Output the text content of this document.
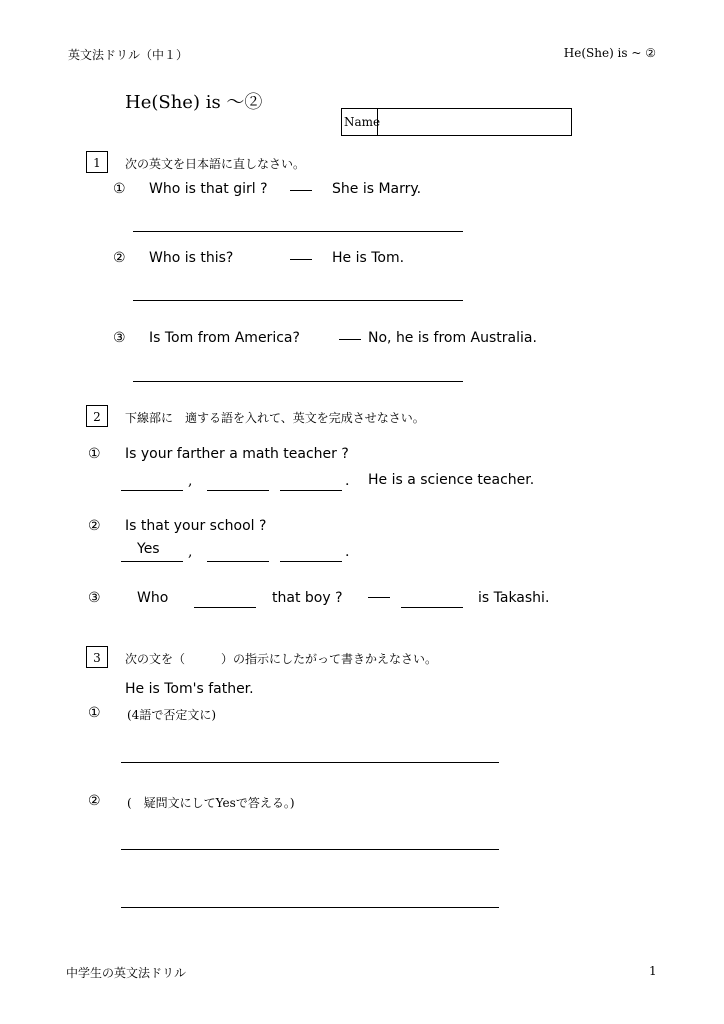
英文法ドリル（中１）	He(She) is ~ ②
He(She) is ～②
Name
1	次の英文を日本語に直しなさい。
① Who is that girl ?	She is Marry.
② Who is this?	He is Tom.
③ Is Tom from America?	No, he is from Australia.
2	下線部に　適する語を入れて、英文を完成させなさい。
① Is your farther a math teacher ?
,	. He is a science teacher.
② Is that your school ?
Yes ,	.
③	Who	that boy ?	is Takashi.
3	次の文を（　　　）の指示にしたがって書きかえなさい。
He is Tom's father.
① (4語で否定文に)
② (　疑問文にしてYesで答える。)
中学生の英文法ドリル	1
